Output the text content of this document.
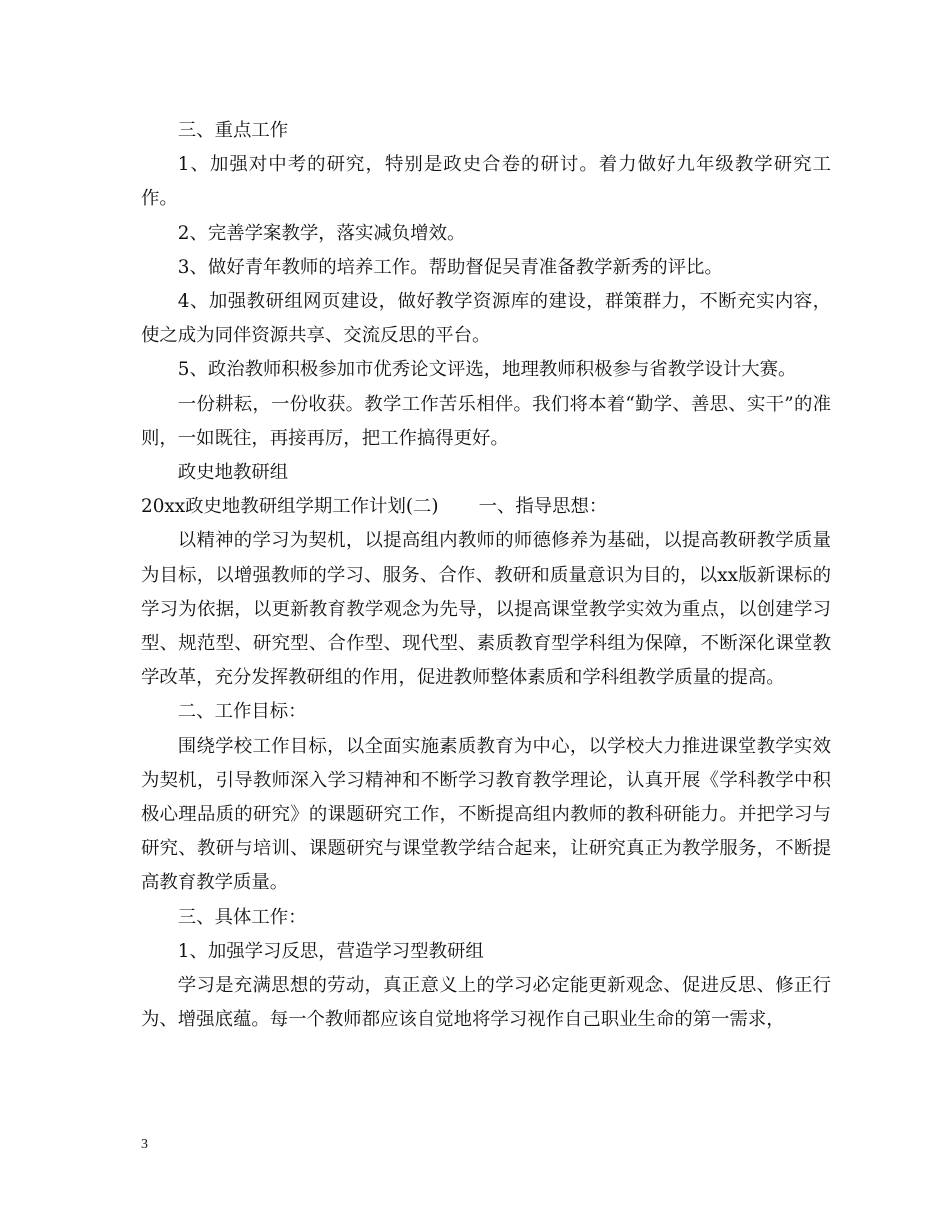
三、重点工作

1、加强对中考的研究，特别是政史合卷的研讨。着力做好九年级教学研究工作。

2、完善学案教学，落实减负增效。

3、做好青年教师的培养工作。帮助督促吴青准备教学新秀的评比。

4、加强教研组网页建设，做好教学资源库的建设，群策群力，不断充实内容，使之成为同伴资源共享、交流反思的平台。

5、政治教师积极参加市优秀论文评选，地理教师积极参与省教学设计大赛。

一份耕耘，一份收获。教学工作苦乐相伴。我们将本着“勤学、善思、实干”的准则，一如既往，再接再厉，把工作搞得更好。

政史地教研组

20xx政史地教研组学期工作计划(二) 一、指导思想：

以精神的学习为契机，以提高组内教师的师德修养为基础，以提高教研教学质量为目标，以增强教师的学习、服务、合作、教研和质量意识为目的，以xx版新课标的学习为依据，以更新教育教学观念为先导，以提高课堂教学实效为重点，以创建学习型、规范型、研究型、合作型、现代型、素质教育型学科组为保障，不断深化课堂教学改革，充分发挥教研组的作用，促进教师整体素质和学科组教学质量的提高。

二、工作目标：

围绕学校工作目标，以全面实施素质教育为中心，以学校大力推进课堂教学实效为契机，引导教师深入学习精神和不断学习教育教学理论，认真开展《学科教学中积极心理品质的研究》的课题研究工作，不断提高组内教师的教科研能力。并把学习与研究、教研与培训、课题研究与课堂教学结合起来，让研究真正为教学服务，不断提高教育教学质量。

三、具体工作：

1、加强学习反思，营造学习型教研组

学习是充满思想的劳动，真正意义上的学习必定能更新观念、促进反思、修正行为、增强底蕴。每一个教师都应该自觉地将学习视作自己职业生命的第一需求，

3
